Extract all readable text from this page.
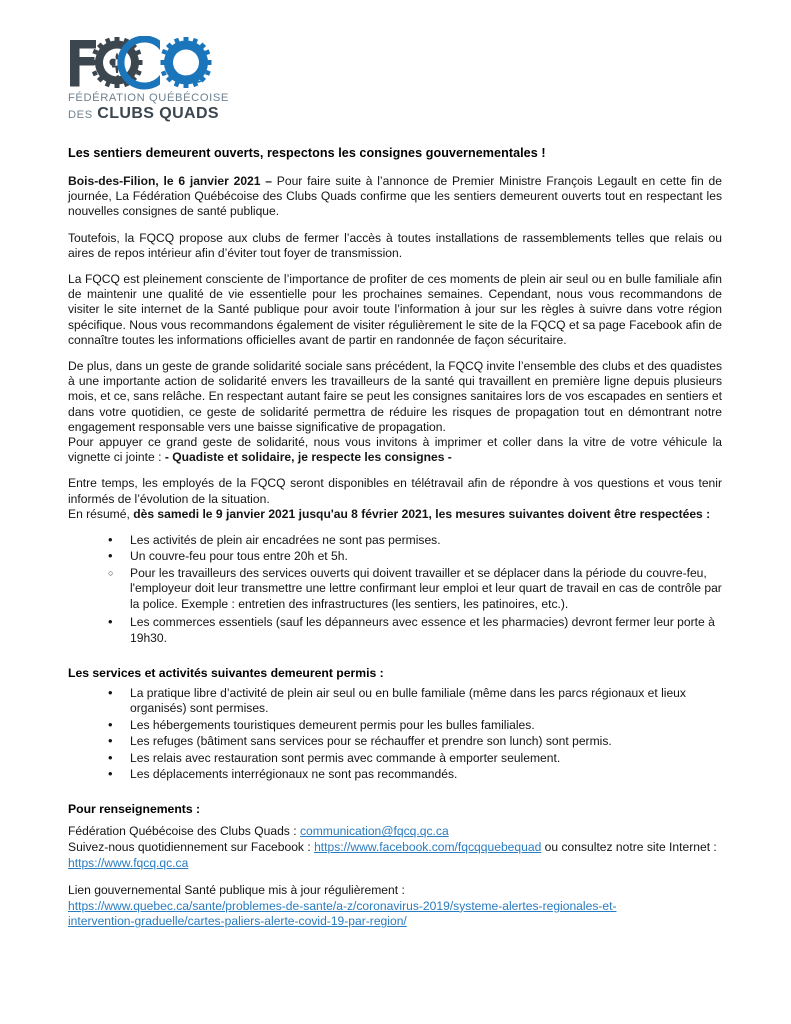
FÉDÉRATION QUÉBÉCOISE
DES CLUBS QUADS

Les sentiers demeurent ouverts, respectons les consignes gouvernementales !

Bois-des-Filion, le 6 janvier 2021 – Pour faire suite à l’annonce de Premier Ministre François Legault en cette fin de journée, La Fédération Québécoise des Clubs Quads confirme que les sentiers demeurent ouverts tout en respectant les nouvelles consignes de santé publique.

Toutefois, la FQCQ propose aux clubs de fermer l’accès à toutes installations de rassemblements telles que relais ou aires de repos intérieur afin d’éviter tout foyer de transmission.

La FQCQ est pleinement consciente de l’importance de profiter de ces moments de plein air seul ou en bulle familiale afin de maintenir une qualité de vie essentielle pour les prochaines semaines. Cependant, nous vous recommandons de visiter le site internet de la Santé publique pour avoir toute l’information à jour sur les règles à suivre dans votre région spécifique. Nous vous recommandons également de visiter régulièrement le site de la FQCQ et sa page Facebook afin de connaître toutes les informations officielles avant de partir en randonnée de façon sécuritaire.

De plus, dans un geste de grande solidarité sociale sans précédent, la FQCQ invite l’ensemble des clubs et des quadistes à une importante action de solidarité envers les travailleurs de la santé qui travaillent en première ligne depuis plusieurs mois, et ce, sans relâche. En respectant autant faire se peut les consignes sanitaires lors de vos escapades en sentiers et dans votre quotidien, ce geste de solidarité permettra de réduire les risques de propagation tout en démontrant notre engagement responsable vers une baisse significative de propagation.

Pour appuyer ce grand geste de solidarité, nous vous invitons à imprimer et coller dans la vitre de votre véhicule la vignette ci jointe : - Quadiste et solidaire, je respecte les consignes -

Entre temps, les employés de la FQCQ seront disponibles en télétravail afin de répondre à vos questions et vous tenir informés de l’évolution de la situation.

En résumé, dès samedi le 9 janvier 2021 jusqu'au 8 février 2021, les mesures suivantes doivent être respectées :

• Les activités de plein air encadrées ne sont pas permises.
• Un couvre-feu pour tous entre 20h et 5h.
○ Pour les travailleurs des services ouverts qui doivent travailler et se déplacer dans la période du couvre-feu, l'employeur doit leur transmettre une lettre confirmant leur emploi et leur quart de travail en cas de contrôle par la police. Exemple : entretien des infrastructures (les sentiers, les patinoires, etc.).
• Les commerces essentiels (sauf les dépanneurs avec essence et les pharmacies) devront fermer leur porte à 19h30.
Les services et activités suivantes demeurent permis :
• La pratique libre d’activité de plein air seul ou en bulle familiale (même dans les parcs régionaux et lieux organisés) sont permises.
• Les hébergements touristiques demeurent permis pour les bulles familiales.
• Les refuges (bâtiment sans services pour se réchauffer et prendre son lunch) sont permis.
• Les relais avec restauration sont permis avec commande à emporter seulement.
• Les déplacements interrégionaux ne sont pas recommandés.
Pour renseignements :

Fédération Québécoise des Clubs Quads : communication@fqcq.qc.ca

Suivez-nous quotidiennement sur Facebook : https://www.facebook.com/fqcqquebequad ou consultez notre site Internet : https://www.fqcq.qc.ca

Lien gouvernemental Santé publique mis à jour régulièrement :

https://www.quebec.ca/sante/problemes-de-sante/a-z/coronavirus-2019/systeme-alertes-regionales-et-
intervention-graduelle/cartes-paliers-alerte-covid-19-par-region/
